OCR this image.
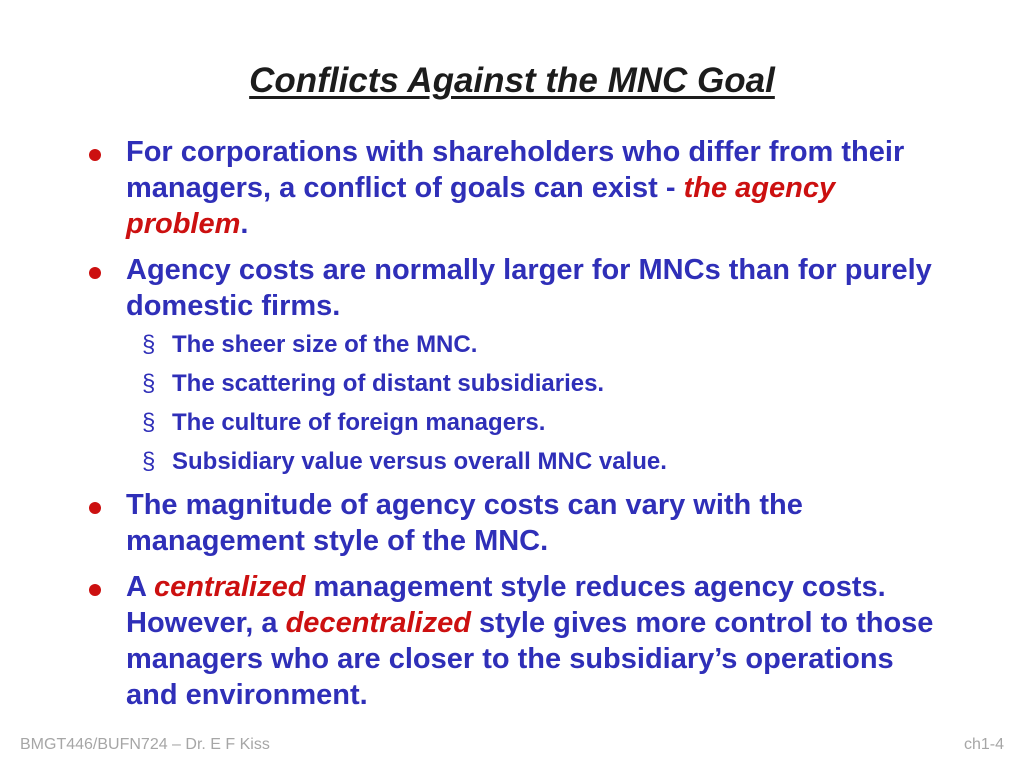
Conflicts Against the MNC Goal
For corporations with shareholders who differ from their managers, a conflict of goals can exist - the agency problem.
Agency costs are normally larger for MNCs than for purely domestic firms.
§ The sheer size of the MNC.
§ The scattering of distant subsidiaries.
§ The culture of foreign managers.
§ Subsidiary value versus overall MNC value.
The magnitude of agency costs can vary with the management style of the MNC.
A centralized management style reduces agency costs. However, a decentralized style gives more control to those managers who are closer to the subsidiary’s operations and environment.
BMGT446/BUFN724 – Dr. E F Kiss	ch1-4
